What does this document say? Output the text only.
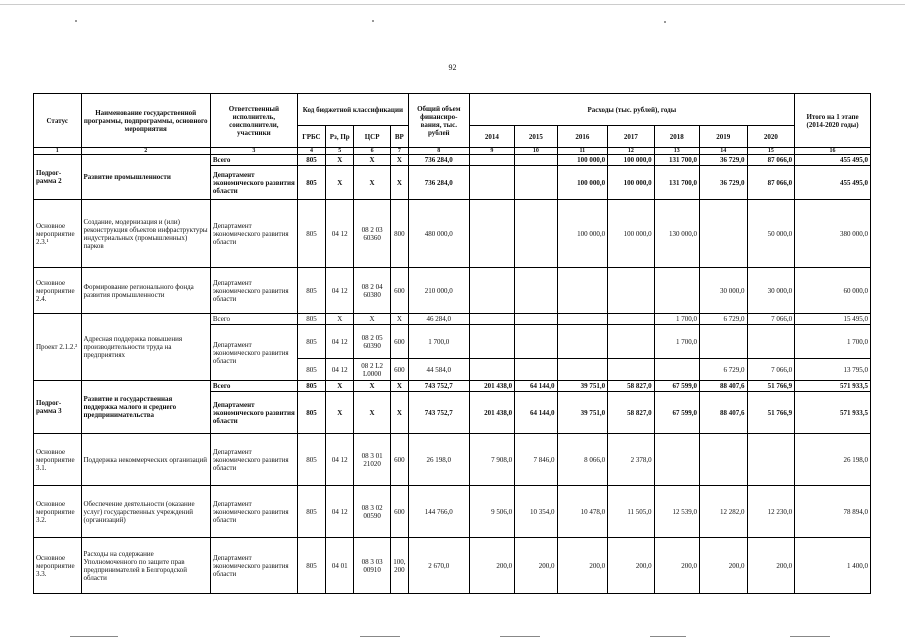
92
Статус	Наименование государственной программы, подпрограммы, основного мероприятия	Ответственный исполнитель, соисполнители, участники	Код бюджетной классификации				Общий объем финансиро-вания, тыс. рублей	Расходы (тыс. рублей), годы							Итого на 1 этапе (2014-2020 годы)
			ГРБС	Рз, Пр	ЦСР	ВР		2014	2015	2016	2017	2018	2019	2020	
1	2	3	4	5	6	7	8	9	10	11	12	13	14	15	16
Подрог-рамма 2	Развитие промышленности	Всего	805	Х	Х	Х	736 284,0			100 000,0	100 000,0	131 700,0	36 729,0	87 066,0	455 495,0
		Департамент экономического развития области	805	Х	Х	Х	736 284,0			100 000,0	100 000,0	131 700,0	36 729,0	87 066,0	455 495,0
Основное мероприятие 2.3.¹	Создание, модернизация и (или) реконструкция объектов инфраструктуры индустриальных (промышленных) парков	Департамент экономического развития области	805	04 12	08 2 03 60360	800	480 000,0			100 000,0	100 000,0	130 000,0		50 000,0	380 000,0
Основное мероприятие 2.4.	Формирование регионального фонда развития промышленности	Департамент экономического развития области	805	04 12	08 2 04 60380	600	210 000,0						30 000,0	30 000,0	60 000,0
Проект 2.1.2.²	Адресная поддержка повышения производительности труда на предприятиях	Всего	805	Х	Х	Х	46 284,0					1 700,0	6 729,0	7 066,0	15 495,0
		Департамент экономического развития области	805	04 12	08 2 05 60390	600	1 700,0					1 700,0			1 700,0
			805	04 12	08 2 L2 L0000	600	44 584,0						6 729,0	7 066,0	13 795,0
Подрог-рамма 3	Развитие и государственная поддержка малого и среднего предпринимательства	Всего	805	Х	Х	Х	743 752,7	201 438,0	64 144,0	39 751,0	58 827,0	67 599,0	88 407,6	51 766,9	571 933,5
		Департамент экономического развития области	805	Х	Х	Х	743 752,7	201 438,0	64 144,0	39 751,0	58 827,0	67 599,0	88 407,6	51 766,9	571 933,5
Основное мероприятие 3.1.	Поддержка некоммерческих организаций	Департамент экономического развития области	805	04 12	08 3 01 21020	600	26 198,0	7 908,0	7 846,0	8 066,0	2 378,0				26 198,0
Основное мероприятие 3.2.	Обеспечение деятельности (оказание услуг) государственных учреждений (организаций)	Департамент экономического развития области	805	04 12	08 3 02 00590	600	144 766,0	9 506,0	10 354,0	10 478,0	11 505,0	12 539,0	12 282,0	12 230,0	78 894,0
Основное мероприятие 3.3.	Расходы на содержание Уполномоченного по защите прав предпринимателей в Белгородской области	Департамент экономического развития области	805	04 01	08 3 03 00910	100, 200	2 670,0	200,0	200,0	200,0	200,0	200,0	200,0	200,0	1 400,0
